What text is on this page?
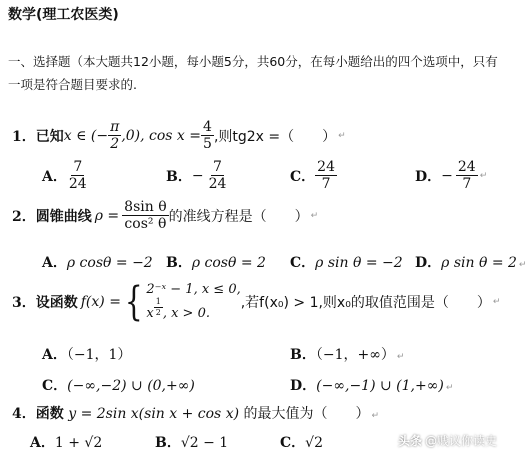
数学(理工农医类)
一、选择题（本大题共12小题，每小题5分，共60分，在每小题给出的四个选项中，只有
一项是符合题目要求的.
1． 已知 x ∈ (− $\frac{\pi}{2} ,0$), $\cos x = \frac{4}{5}$ ,则tg2x =（　　） ↵
A． $\frac{7}{24}$	B． − $\frac{7}{24}$	C． $\frac{24}{7}$	D． − $\frac{24}{7}$ ↵
2． 圆锥曲线 $\rho = \frac{\text{8sin θ}}{\text{cos² θ}}$ 的准线方程是（　　） ↵
A．ρ cosθ = −2 B．ρ cosθ = 2 C．ρ sin θ = −2 D．ρ sin θ = 2 ↵
3． 设函数 f(x) = { 2⁻ˣ − 1, x ≤ 0,
x $\frac{1}{2}$ , x > 0.
,若f(x₀) > 1,则x₀的取值范围是（　　） ↵
A．（−1，1）	B．（−1，+∞） ↵
C．(−∞,−2) ∪ (0,+∞)	D．(−∞,−1) ∪ (1,+∞) ↵
4．函数 y = 2sin x(sin x + cos x) 的最大值为（　　） ↵
A．1 + √2	B．√2 − 1	C．√2	头条 @贱议你读史
